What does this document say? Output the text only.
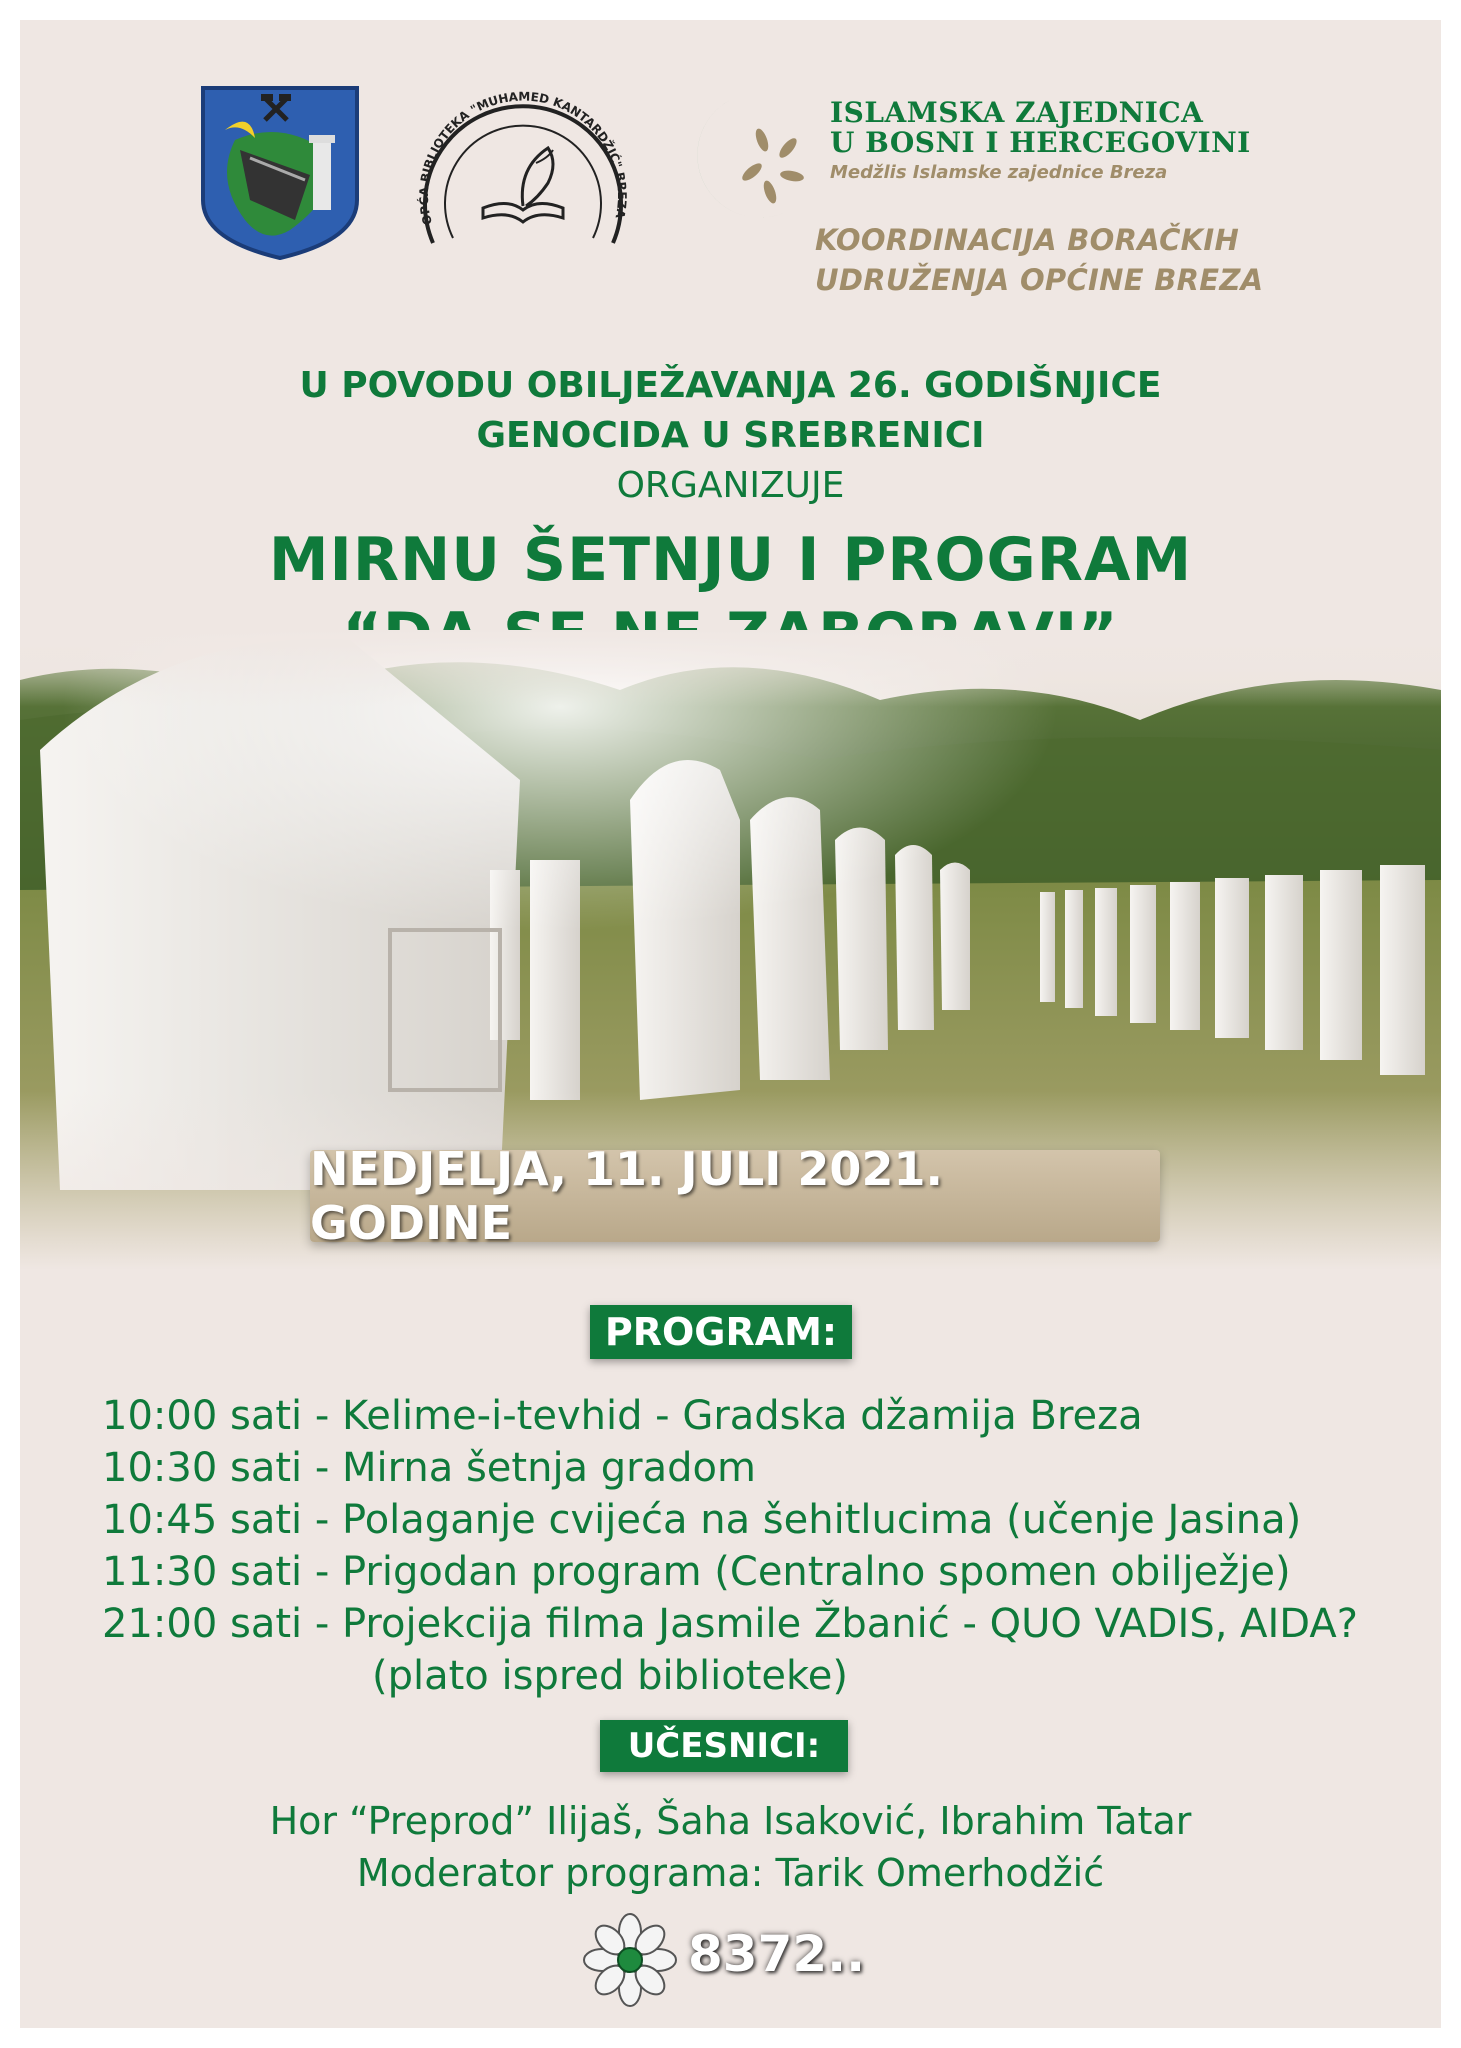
OPĆA BIBLIOTEKA "MUHAMED KANTARDŽIĆ" BREZA
ISLAMSKA ZAJEDNICA
U BOSNI I HERCEGOVINI
Medžlis Islamske zajednice Breza
KOORDINACIJA BORAČKIH
UDRUŽENJA OPĆINE BREZA
U POVODU OBILJEŽAVANJA 26. GODIŠNJICE
GENOCIDA U SREBRENICI
ORGANIZUJE
MIRNU ŠETNJU I PROGRAM
NEDJELJA, 11. JULI 2021. GODINE
PROGRAM:
10:00 sati - Kelime-i-tevhid - Gradska džamija Breza
10:30 sati - Mirna šetnja gradom
10:45 sati - Polaganje cvijeća na šehitlucima (učenje Jasina)
11:30 sati - Prigodan program (Centralno spomen obilježje)
21:00 sati - Projekcija filma Jasmile Žbanić - QUO VADIS, AIDA?
(plato ispred biblioteke)
UČESNICI:
Hor “Preprod” Ilijaš, Šaha Isaković, Ibrahim Tatar
Moderator programa: Tarik Omerhodžić
8372..
